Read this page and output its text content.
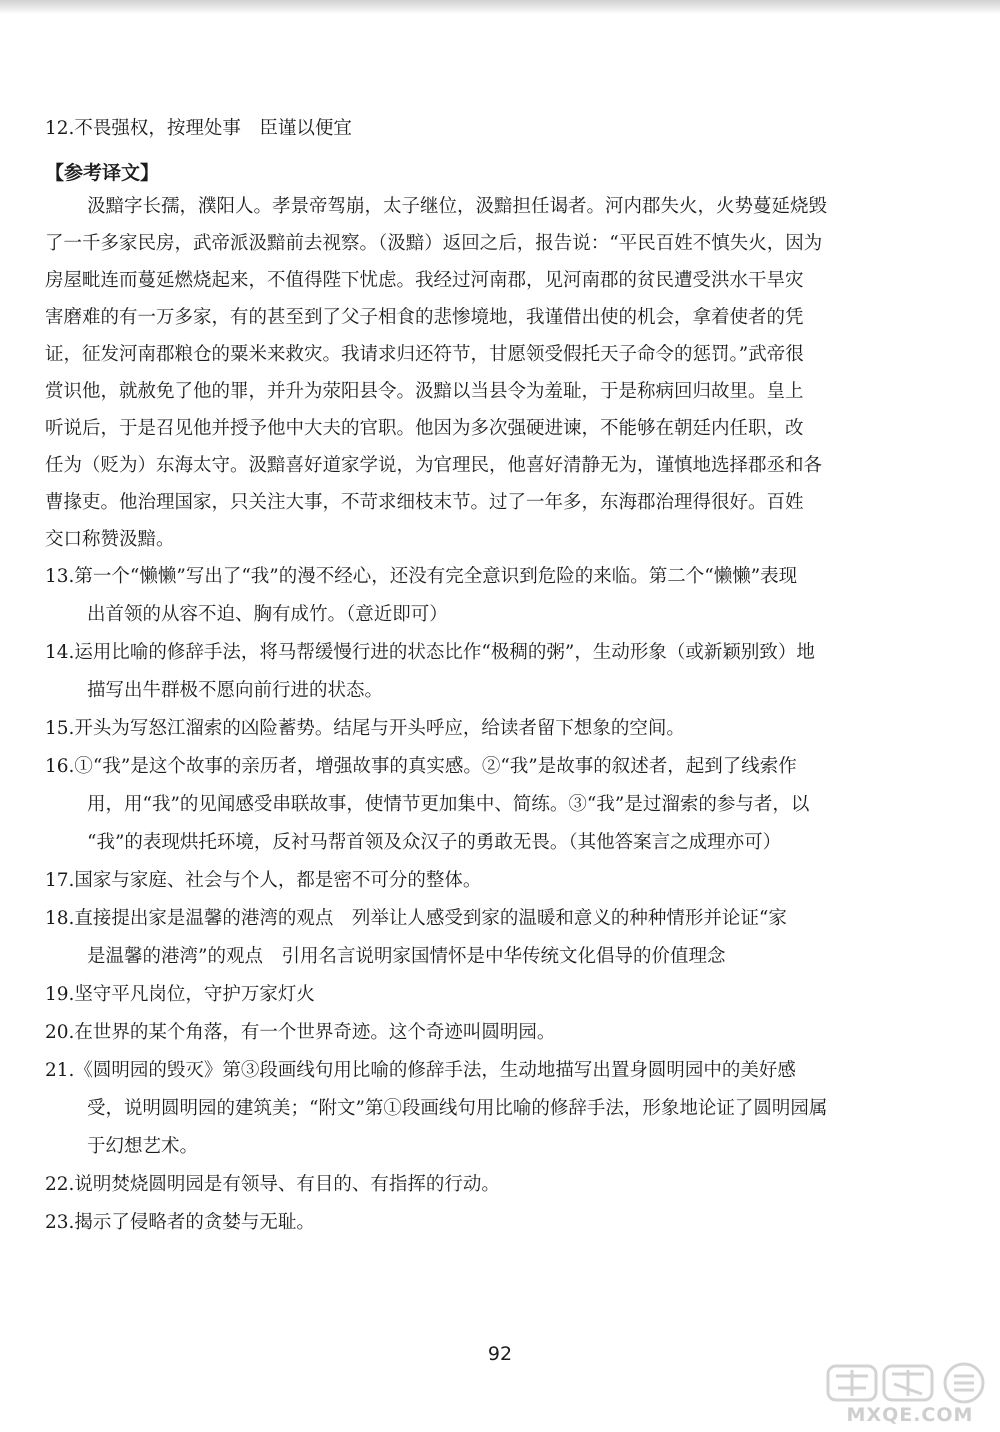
12.不畏强权，按理处事　臣谨以便宜
【参考译文】
汲黯字长孺，濮阳人。孝景帝驾崩，太子继位，汲黯担任谒者。河内郡失火，火势蔓延烧毁
了一千多家民房，武帝派汲黯前去视察。（汲黯）返回之后，报告说：“平民百姓不慎失火，因为
房屋毗连而蔓延燃烧起来，不值得陛下忧虑。我经过河南郡，见河南郡的贫民遭受洪水干旱灾
害磨难的有一万多家，有的甚至到了父子相食的悲惨境地，我谨借出使的机会，拿着使者的凭
证，征发河南郡粮仓的粟米来救灾。我请求归还符节，甘愿领受假托天子命令的惩罚。”武帝很
赏识他，就赦免了他的罪，并升为荥阳县令。汲黯以当县令为羞耻，于是称病回归故里。皇上
听说后，于是召见他并授予他中大夫的官职。他因为多次强硬进谏，不能够在朝廷内任职，改
任为（贬为）东海太守。汲黯喜好道家学说，为官理民，他喜好清静无为，谨慎地选择郡丞和各
曹掾吏。他治理国家，只关注大事，不苛求细枝末节。过了一年多，东海郡治理得很好。百姓
交口称赞汲黯。
13.第一个“懒懒”写出了“我”的漫不经心，还没有完全意识到危险的来临。第二个“懒懒”表现
出首领的从容不迫、胸有成竹。（意近即可）
14.运用比喻的修辞手法，将马帮缓慢行进的状态比作“极稠的粥”，生动形象（或新颖别致）地
描写出牛群极不愿向前行进的状态。
15.开头为写怒江溜索的凶险蓄势。结尾与开头呼应，给读者留下想象的空间。
16.①“我”是这个故事的亲历者，增强故事的真实感。②“我”是故事的叙述者，起到了线索作
用，用“我”的见闻感受串联故事，使情节更加集中、简练。③“我”是过溜索的参与者，以
“我”的表现烘托环境，反衬马帮首领及众汉子的勇敢无畏。（其他答案言之成理亦可）
17.国家与家庭、社会与个人，都是密不可分的整体。
18.直接提出家是温馨的港湾的观点　列举让人感受到家的温暖和意义的种种情形并论证“家
是温馨的港湾”的观点　引用名言说明家国情怀是中华传统文化倡导的价值理念
19.坚守平凡岗位，守护万家灯火
20.在世界的某个角落，有一个世界奇迹。这个奇迹叫圆明园。
21.《圆明园的毁灭》第③段画线句用比喻的修辞手法，生动地描写出置身圆明园中的美好感
受，说明圆明园的建筑美；“附文”第①段画线句用比喻的修辞手法，形象地论证了圆明园属
于幻想艺术。
22.说明焚烧圆明园是有领导、有目的、有指挥的行动。
23.揭示了侵略者的贪婪与无耻。
92
MXQE.COM
